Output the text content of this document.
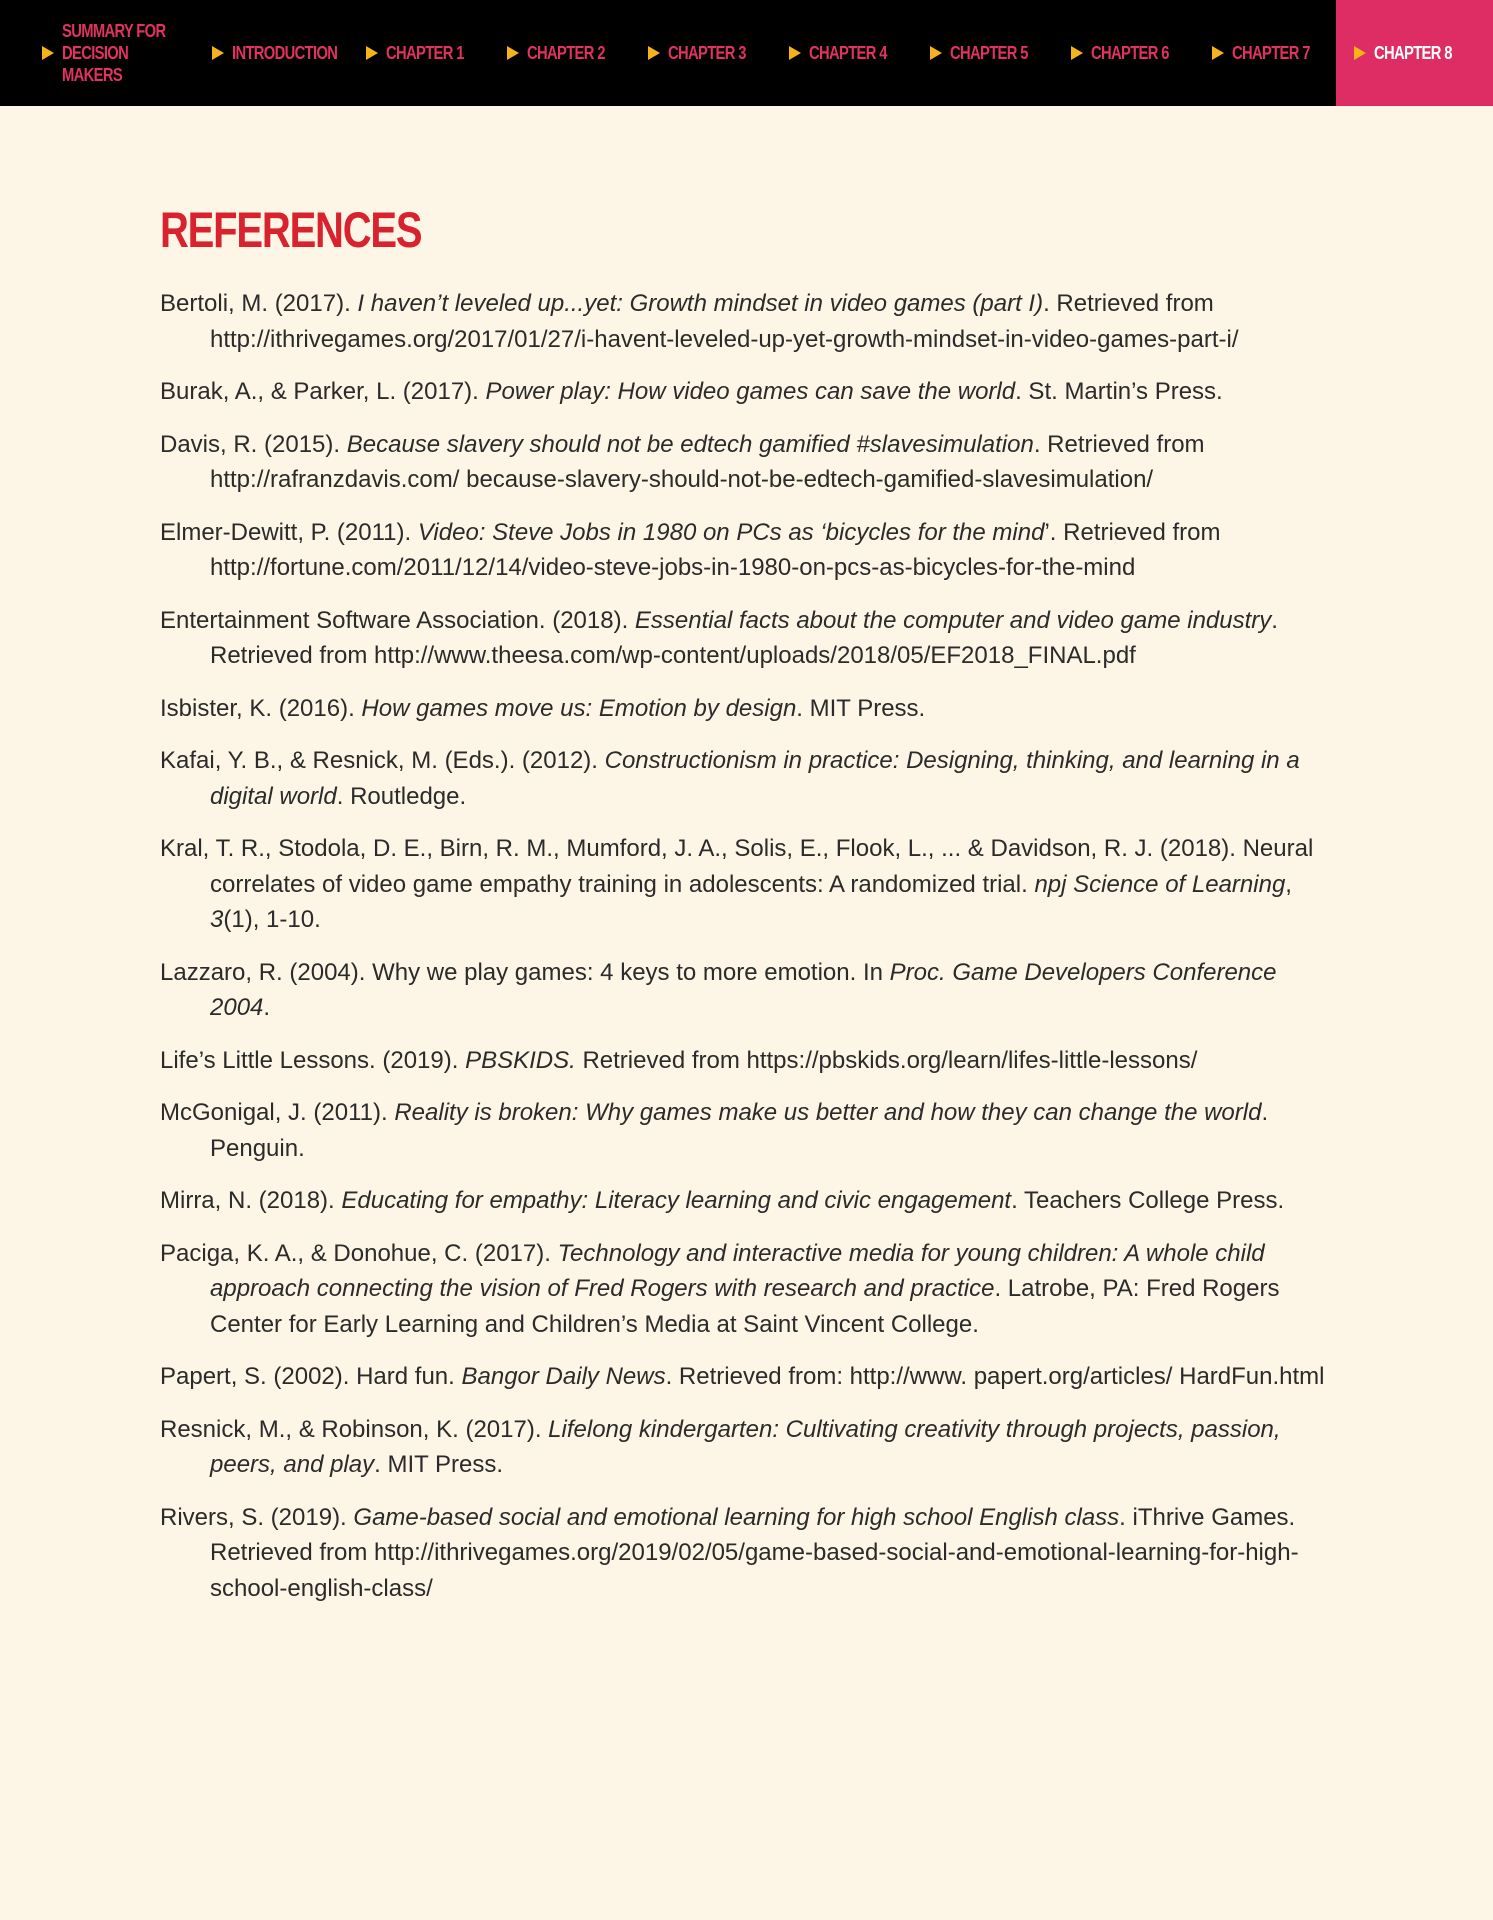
SUMMARY FOR DECISION MAKERS
INTRODUCTION	CHAPTER 1	CHAPTER 2	CHAPTER 3	CHAPTER 4	CHAPTER 5	CHAPTER 6	CHAPTER 7	CHAPTER 8
REFERENCES

Bertoli, M. (2017). I haven’t leveled up...yet: Growth mindset in video games (part I). Retrieved from http://ithrivegames.org/2017/01/27/i-havent-leveled-up-yet-growth-mindset-in-video-games-part-i/

Burak, A., & Parker, L. (2017). Power play: How video games can save the world. St. Martin’s Press.

Davis, R. (2015). Because slavery should not be edtech gamified #slavesimulation. Retrieved from http://rafranzdavis.com/ because-slavery-should-not-be-edtech-gamified-slavesimulation/

Elmer-Dewitt, P. (2011). Video: Steve Jobs in 1980 on PCs as ‘bicycles for the mind’. Retrieved from http://fortune.com/2011/12/14/video-steve-jobs-in-1980-on-pcs-as-bicycles-for-the-mind

Entertainment Software Association. (2018). Essential facts about the computer and video game industry. Retrieved from http://www.theesa.com/wp-content/uploads/2018/05/EF2018_FINAL.pdf

Isbister, K. (2016). How games move us: Emotion by design. MIT Press.

Kafai, Y. B., & Resnick, M. (Eds.). (2012). Constructionism in practice: Designing, thinking, and learning in a digital world. Routledge.

Kral, T. R., Stodola, D. E., Birn, R. M., Mumford, J. A., Solis, E., Flook, L., ... & Davidson, R. J. (2018). Neural correlates of video game empathy training in adolescents: A randomized trial. npj Science of Learning, 3(1), 1-10.

Lazzaro, R. (2004). Why we play games: 4 keys to more emotion. In Proc. Game Developers Conference 2004.

Life’s Little Lessons. (2019). PBSKIDS. Retrieved from https://pbskids.org/learn/lifes-little-lessons/

McGonigal, J. (2011). Reality is broken: Why games make us better and how they can change the world. Penguin.

Mirra, N. (2018). Educating for empathy: Literacy learning and civic engagement. Teachers College Press.

Paciga, K. A., & Donohue, C. (2017). Technology and interactive media for young children: A whole child approach connecting the vision of Fred Rogers with research and practice. Latrobe, PA: Fred Rogers Center for Early Learning and Children’s Media at Saint Vincent College.

Papert, S. (2002). Hard fun. Bangor Daily News. Retrieved from: http://www. papert.org/articles/ HardFun.html

Resnick, M., & Robinson, K. (2017). Lifelong kindergarten: Cultivating creativity through projects, passion, peers, and play. MIT Press.

Rivers, S. (2019). Game-based social and emotional learning for high school English class. iThrive Games. Retrieved from http://ithrivegames.org/2019/02/05/game-based-social-and-emotional-learning-for-high-school-english-class/
